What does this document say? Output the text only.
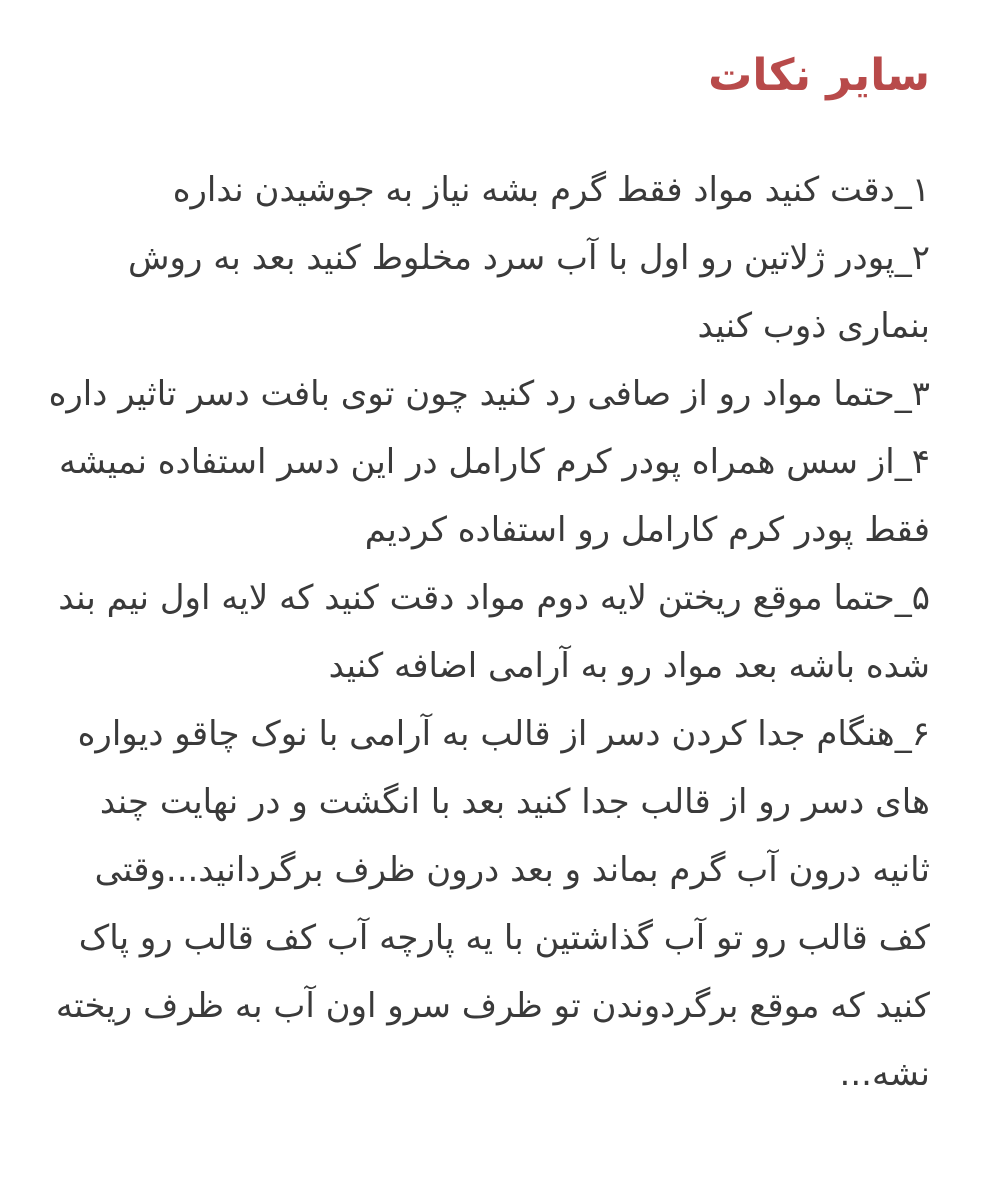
سایر نکات

۱_دقت کنید مواد فقط گرم بشه نیاز به جوشیدن نداره

۲_پودر ژلاتین رو اول با آب سرد مخلوط کنید بعد به روش بنماری ذوب کنید

۳_حتما مواد رو از صافی رد کنید چون توی بافت دسر تاثیر داره

۴_از سس همراه پودر کرم کارامل در این دسر استفاده نمیشه فقط پودر کرم کارامل رو استفاده کردیم

۵_حتما موقع ریختن لایه دوم مواد دقت کنید که لایه اول نیم بند شده باشه بعد مواد رو به آرامی اضافه کنید

۶_هنگام جدا کردن دسر از قالب به آرامی با نوک چاقو دیواره های دسر رو از قالب جدا کنید بعد با انگشت و در نهایت چند ثانیه درون آب گرم بماند و بعد درون ظرف برگردانید...وقتی کف قالب رو تو آب گذاشتین با یه پارچه آب کف قالب رو پاک کنید که موقع برگردوندن تو ظرف سرو اون آب به ظرف ریخته نشه...
